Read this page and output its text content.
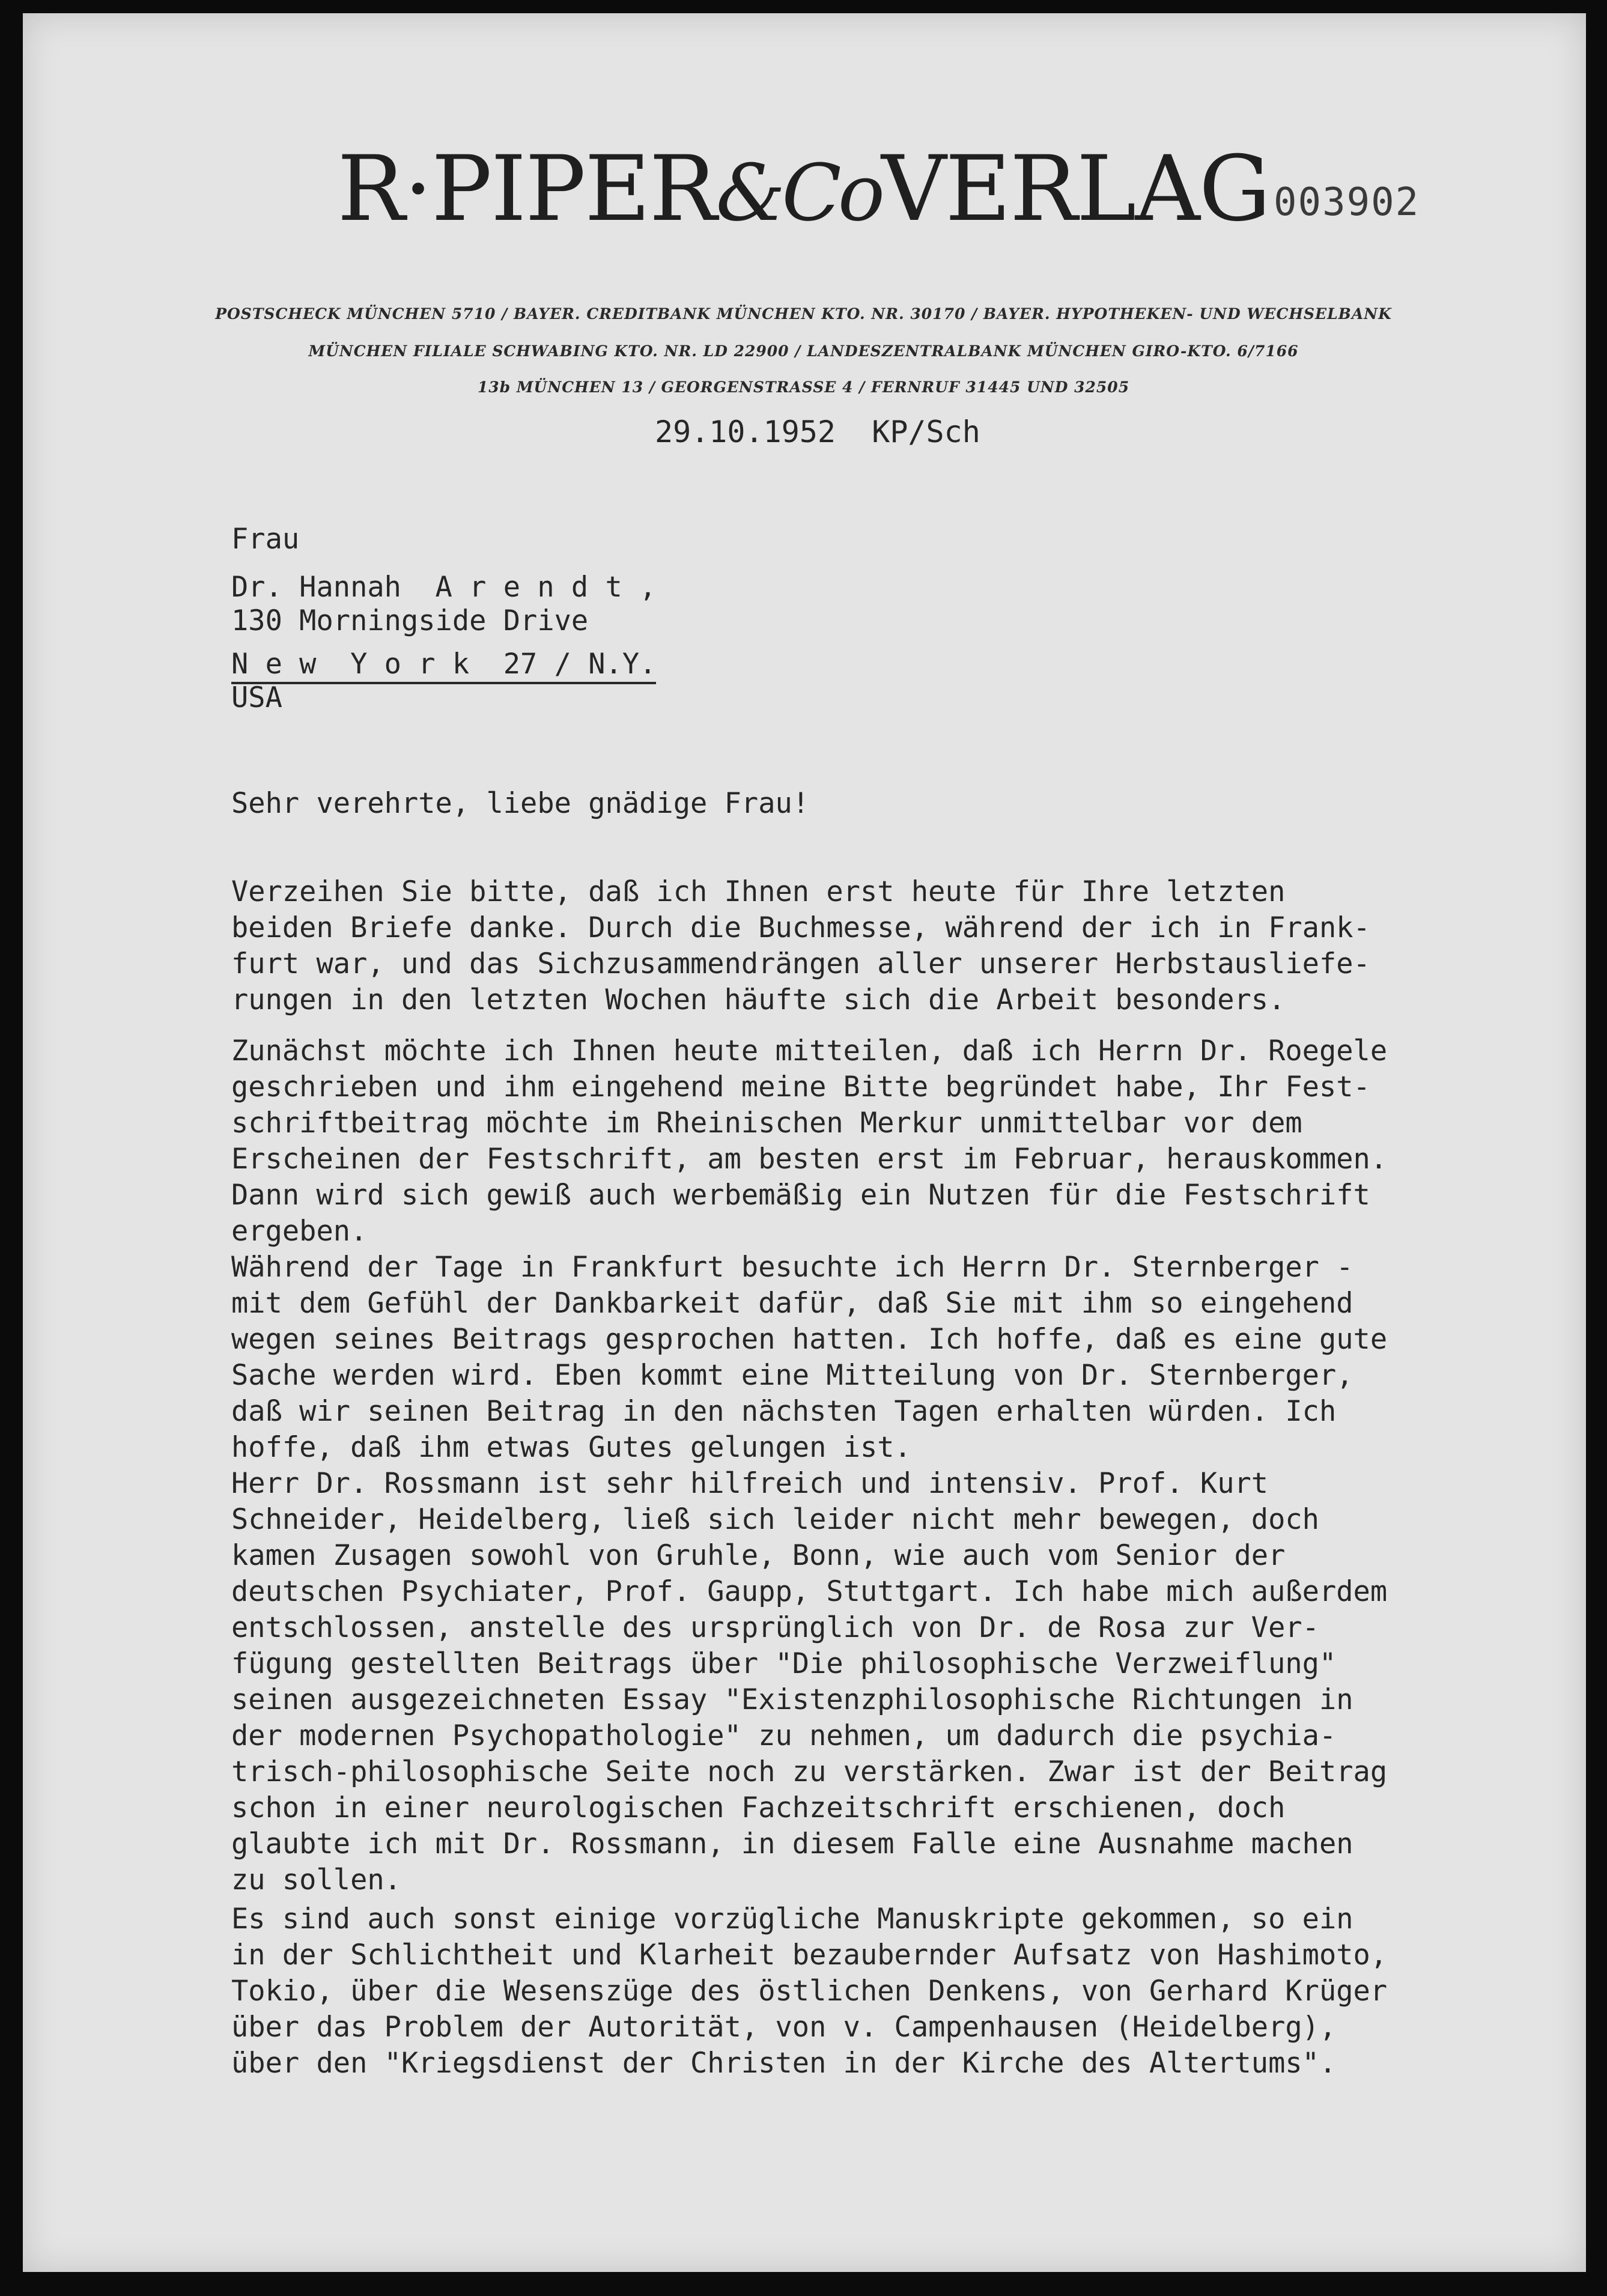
R·PIPER&CoVERLAG 003902
POSTSCHECK MÜNCHEN 5710 / BAYER. CREDITBANK MÜNCHEN KTO. NR. 30170 / BAYER. HYPOTHEKEN- UND WECHSELBANK
MÜNCHEN FILIALE SCHWABING KTO. NR. LD 22900 / LANDESZENTRALBANK MÜNCHEN GIRO-KTO. 6/7166
13b MÜNCHEN 13 / GEORGENSTRASSE 4 / FERNRUF 31445 UND 32505
29.10.1952  KP/Sch
Frau
Dr. Hannah  A r e n d t ,
130 Morningside Drive
N e w  Y o r k  27 / N.Y.
USA
Sehr verehrte, liebe gnädige Frau!
Verzeihen Sie bitte, daß ich Ihnen erst heute für Ihre letzten
beiden Briefe danke. Durch die Buchmesse, während der ich in Frank-
furt war, und das Sichzusammendrängen aller unserer Herbstausliefe-
rungen in den letzten Wochen häufte sich die Arbeit besonders.
Zunächst möchte ich Ihnen heute mitteilen, daß ich Herrn Dr. Roegele
geschrieben und ihm eingehend meine Bitte begründet habe, Ihr Fest-
schriftbeitrag möchte im Rheinischen Merkur unmittelbar vor dem
Erscheinen der Festschrift, am besten erst im Februar, herauskommen.
Dann wird sich gewiß auch werbemäßig ein Nutzen für die Festschrift
ergeben.
Während der Tage in Frankfurt besuchte ich Herrn Dr. Sternberger -
mit dem Gefühl der Dankbarkeit dafür, daß Sie mit ihm so eingehend
wegen seines Beitrags gesprochen hatten. Ich hoffe, daß es eine gute
Sache werden wird. Eben kommt eine Mitteilung von Dr. Sternberger,
daß wir seinen Beitrag in den nächsten Tagen erhalten würden. Ich
hoffe, daß ihm etwas Gutes gelungen ist.
Herr Dr. Rossmann ist sehr hilfreich und intensiv. Prof. Kurt
Schneider, Heidelberg, ließ sich leider nicht mehr bewegen, doch
kamen Zusagen sowohl von Gruhle, Bonn, wie auch vom Senior der
deutschen Psychiater, Prof. Gaupp, Stuttgart. Ich habe mich außerdem
entschlossen, anstelle des ursprünglich von Dr. de Rosa zur Ver-
fügung gestellten Beitrags über "Die philosophische Verzweiflung"
seinen ausgezeichneten Essay "Existenzphilosophische Richtungen in
der modernen Psychopathologie" zu nehmen, um dadurch die psychia-
trisch-philosophische Seite noch zu verstärken. Zwar ist der Beitrag
schon in einer neurologischen Fachzeitschrift erschienen, doch
glaubte ich mit Dr. Rossmann, in diesem Falle eine Ausnahme machen
zu sollen.
Es sind auch sonst einige vorzügliche Manuskripte gekommen, so ein
in der Schlichtheit und Klarheit bezaubernder Aufsatz von Hashimoto,
Tokio, über die Wesenszüge des östlichen Denkens, von Gerhard Krüger
über das Problem der Autorität, von v. Campenhausen (Heidelberg),
über den "Kriegsdienst der Christen in der Kirche des Altertums".
